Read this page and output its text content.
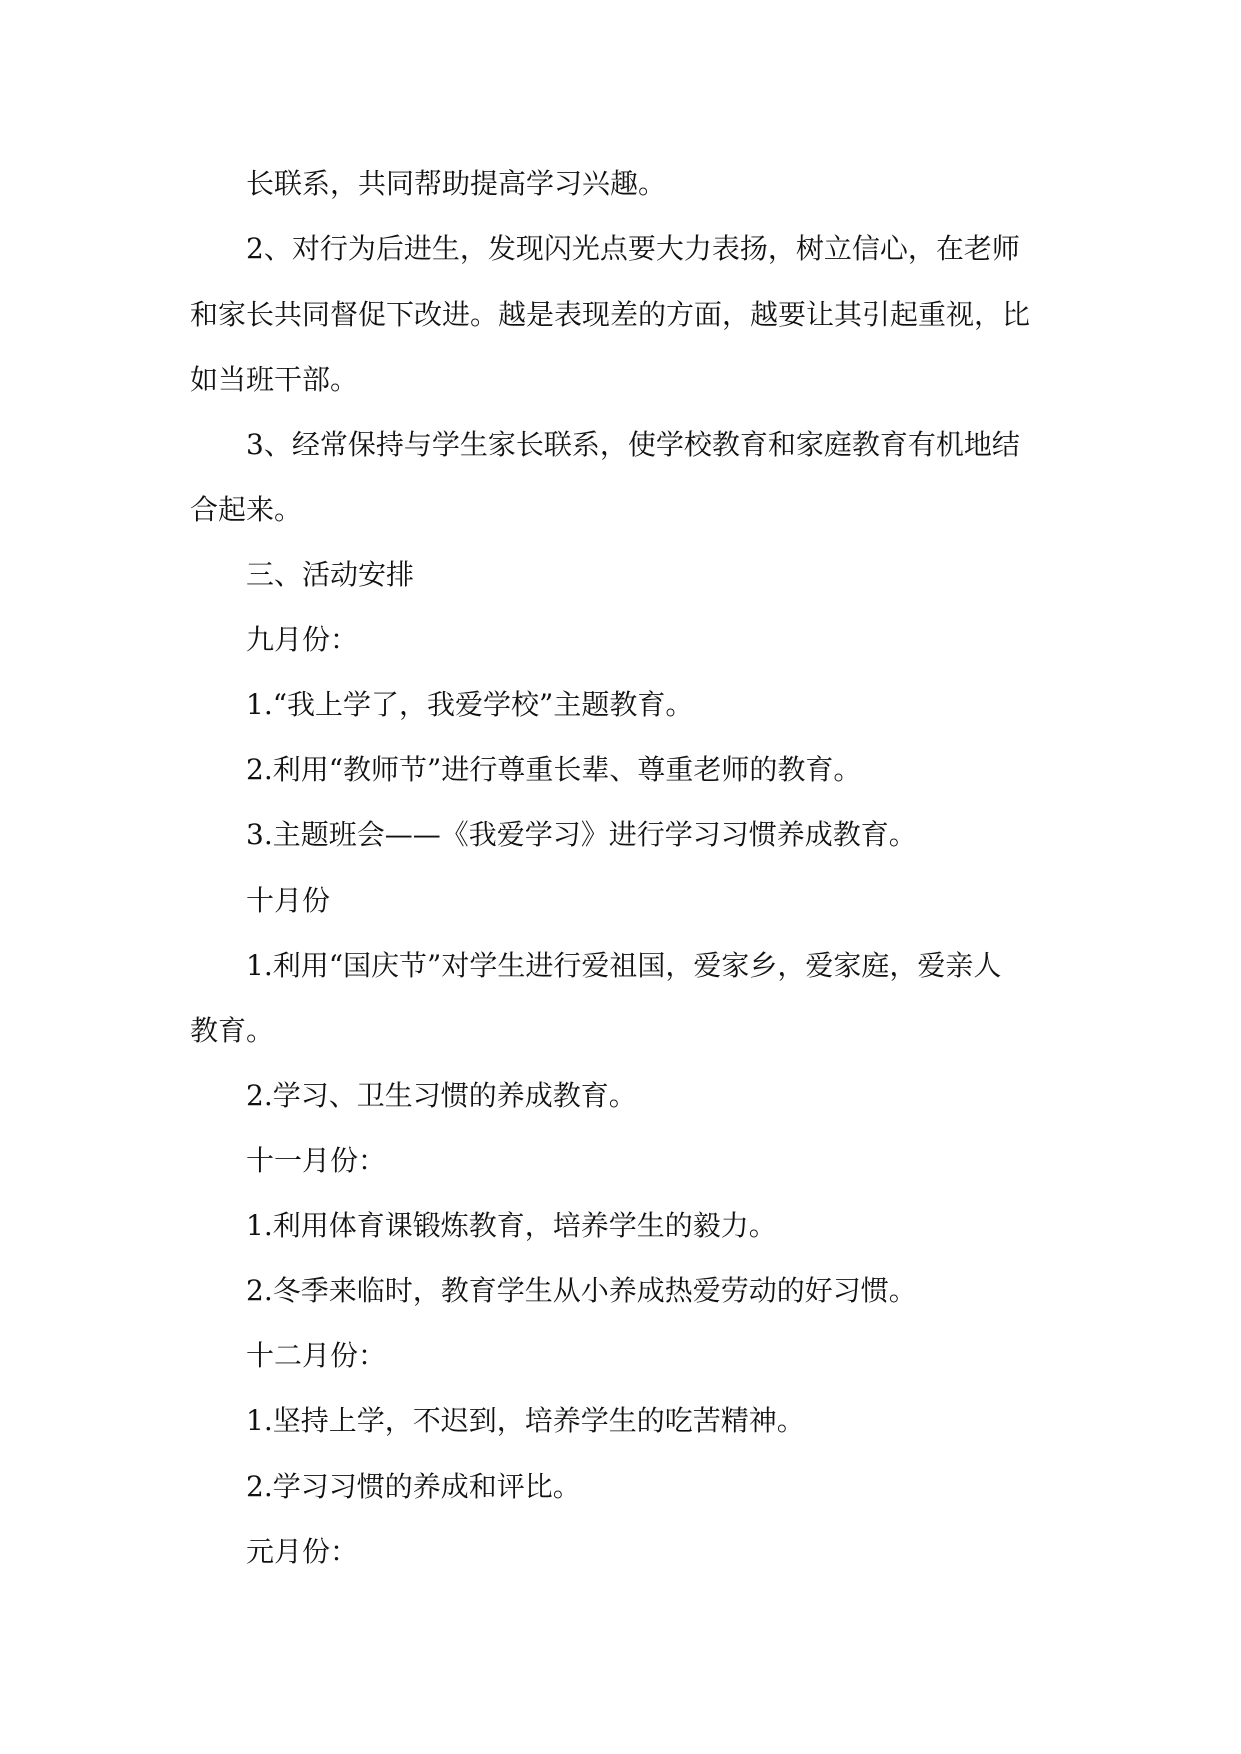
长联系，共同帮助提高学习兴趣。
2、对行为后进生，发现闪光点要大力表扬，树立信心，在老师
和家长共同督促下改进。越是表现差的方面，越要让其引起重视，比
如当班干部。
3、经常保持与学生家长联系，使学校教育和家庭教育有机地结
合起来。
三、活动安排
九月份：
1.“我上学了，我爱学校”主题教育。
2.利用“教师节”进行尊重长辈、尊重老师的教育。
3.主题班会——《我爱学习》进行学习习惯养成教育。
十月份
1.利用“国庆节”对学生进行爱祖国，爱家乡，爱家庭，爱亲人
教育。
2.学习、卫生习惯的养成教育。
十一月份：
1.利用体育课锻炼教育，培养学生的毅力。
2.冬季来临时，教育学生从小养成热爱劳动的好习惯。
十二月份：
1.坚持上学，不迟到，培养学生的吃苦精神。
2.学习习惯的养成和评比。
元月份：
